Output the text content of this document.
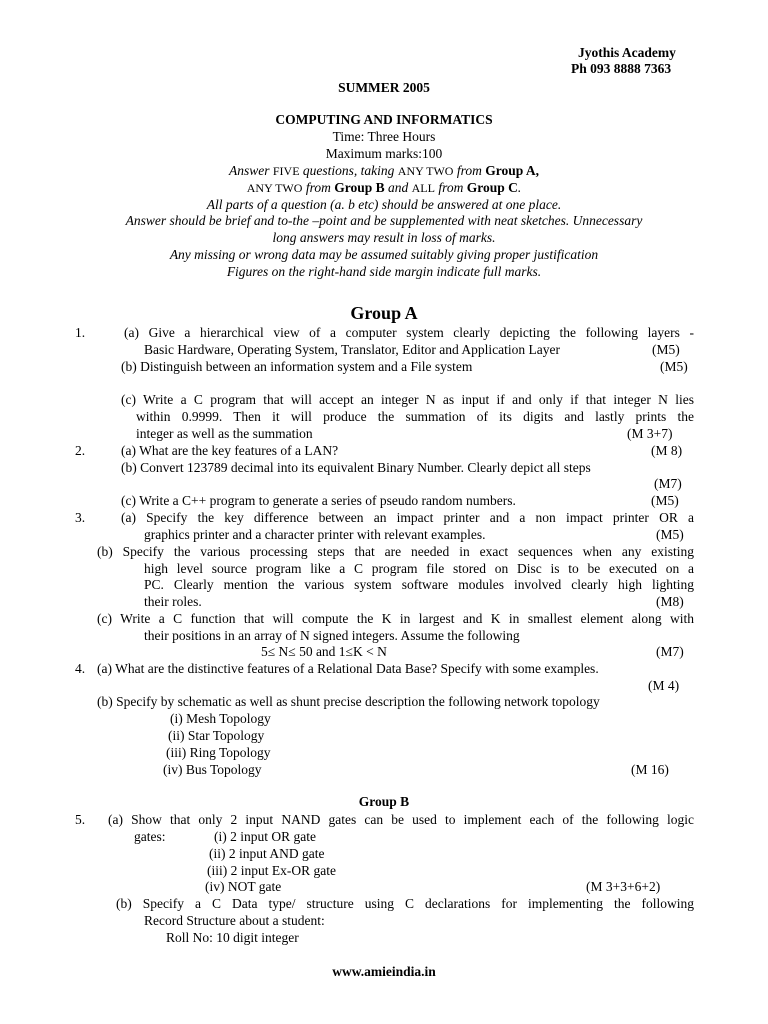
Jyothis Academy
Ph 093 8888 7363
SUMMER 2005
COMPUTING AND INFORMATICS
Time: Three Hours
Maximum marks:100
Answer FIVE questions, taking ANY TWO from Group A,
ANY TWO from Group B and ALL from Group C.
All parts of a question (a. b etc) should be answered at one place.
Answer should be brief and to-the –point and be supplemented with neat sketches. Unnecessary
long answers may result in loss of marks.
Any missing or wrong data may be assumed suitably giving proper justification
Figures on the right-hand side margin indicate full marks.
Group A
1.	(a) Give a hierarchical view of a computer system clearly depicting the following layers -
Basic Hardware, Operating System, Translator, Editor and Application Layer	(M5)
(b) Distinguish between an information system and a File system	(M5)
(c) Write a C program that will accept an integer N as input if and only if that integer N lies
within 0.9999. Then it will produce the summation of its digits and lastly prints the
integer as well as the summation	(M 3+7)
2.	(a) What are the key features of a LAN?	(M 8)
(b) Convert 123789 decimal into its equivalent Binary Number. Clearly depict all steps
(M7)
(c) Write a C++ program to generate a series of pseudo random numbers.	(M5)
3.	(a) Specify the key difference between an impact printer and a non impact printer OR a
graphics printer and a character printer with relevant examples.	(M5)
(b) Specify the various processing steps that are needed in exact sequences when any existing
high level source program like a C program file stored on Disc is to be executed on a
PC. Clearly mention the various system software modules involved clearly high lighting
their roles.	(M8)
(c) Write a C function that will compute the K in largest and K in smallest element along with
their positions in an array of N signed integers. Assume the following
5≤ N≤ 50 and 1≤K < N	(M7)
4. (a) What are the distinctive features of a Relational Data Base? Specify with some examples.
(M 4)
(b) Specify by schematic as well as shunt precise description the following network topology
(i) Mesh Topology
(ii) Star Topology
(iii) Ring Topology
(iv) Bus Topology	(M 16)
Group B
5. (a) Show that only 2 input NAND gates can be used to implement each of the following logic
gates:	(i) 2 input OR gate
(ii) 2 input AND gate
(iii) 2 input Ex-OR gate
(iv) NOT gate	(M 3+3+6+2)
(b) Specify a C Data type/ structure using C declarations for implementing the following
Record Structure about a student:
Roll No: 10 digit integer
www.amieindia.in
